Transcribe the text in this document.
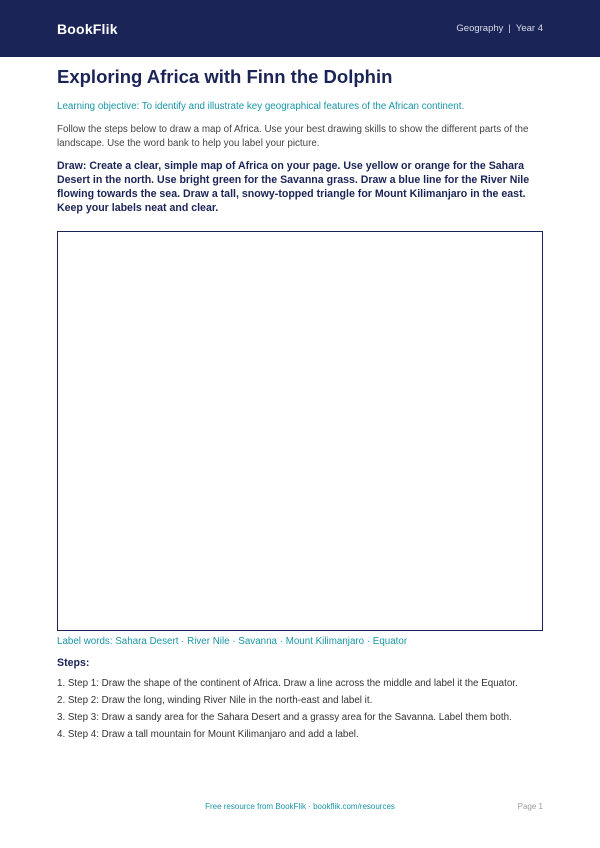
BookFlik	Geography | Year 4
Exploring Africa with Finn the Dolphin

Learning objective: To identify and illustrate key geographical features of the African continent.

Follow the steps below to draw a map of Africa. Use your best drawing skills to show the different parts of the landscape. Use the word bank to help you label your picture.

Draw: Create a clear, simple map of Africa on your page. Use yellow or orange for the Sahara Desert in the north. Use bright green for the Savanna grass. Draw a blue line for the River Nile flowing towards the sea. Draw a tall, snowy-topped triangle for Mount Kilimanjaro in the east. Keep your labels neat and clear.

Label words: Sahara Desert · River Nile · Savanna · Mount Kilimanjaro · Equator
Steps:
1. Step 1: Draw the shape of the continent of Africa. Draw a line across the middle and label it the Equator.
2. Step 2: Draw the long, winding River Nile in the north-east and label it.
3. Step 3: Draw a sandy area for the Sahara Desert and a grassy area for the Savanna. Label them both.
4. Step 4: Draw a tall mountain for Mount Kilimanjaro and add a label.
Free resource from BookFlik · bookflik.com/resources	Page 1
